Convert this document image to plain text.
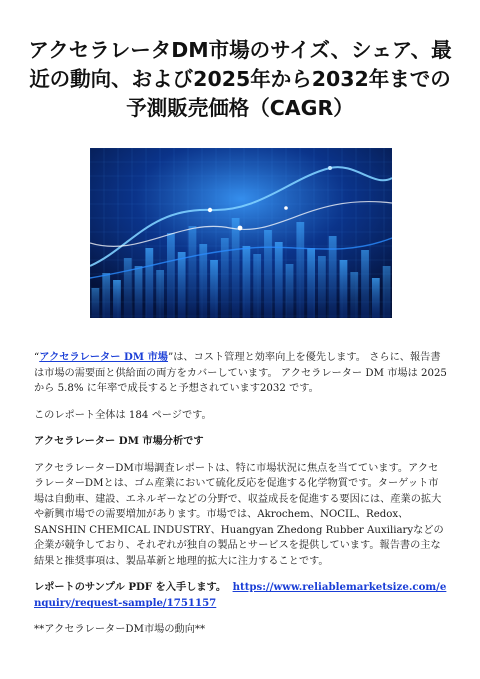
アクセラレータDM市場のサイズ、シェア、最近の動向、および2025年から2032年までの予測販売価格（CAGR）

“アクセラレーター DM 市場”は、コスト管理と効率向上を優先します。 さらに、報告書は市場の需要面と供給面の両方をカバーしています。 アクセラレーター DM 市場は 2025 から 5.8% に年率で成長すると予想されています2032 です。

このレポート全体は 184 ページです。

アクセラレーター DM 市場分析です

アクセラレーターDM市場調査レポートは、特に市場状況に焦点を当てています。アクセラレーターDMとは、ゴム産業において硫化反応を促進する化学物質です。ターゲット市場は自動車、建設、エネルギーなどの分野で、収益成長を促進する要因には、産業の拡大や新興市場での需要増加があります。市場では、Akrochem、NOCIL、Redox、SANSHIN CHEMICAL INDUSTRY、Huangyan Zhedong Rubber Auxiliaryなどの企業が競争しており、それぞれが独自の製品とサービスを提供しています。報告書の主な結果と推奨事項は、製品革新と地理的拡大に注力することです。

レポートのサンプル PDF を入手します。 https://www.reliablemarketsize.com/enquiry/request-sample/1751157

**アクセラレーターDM市場の動向**
